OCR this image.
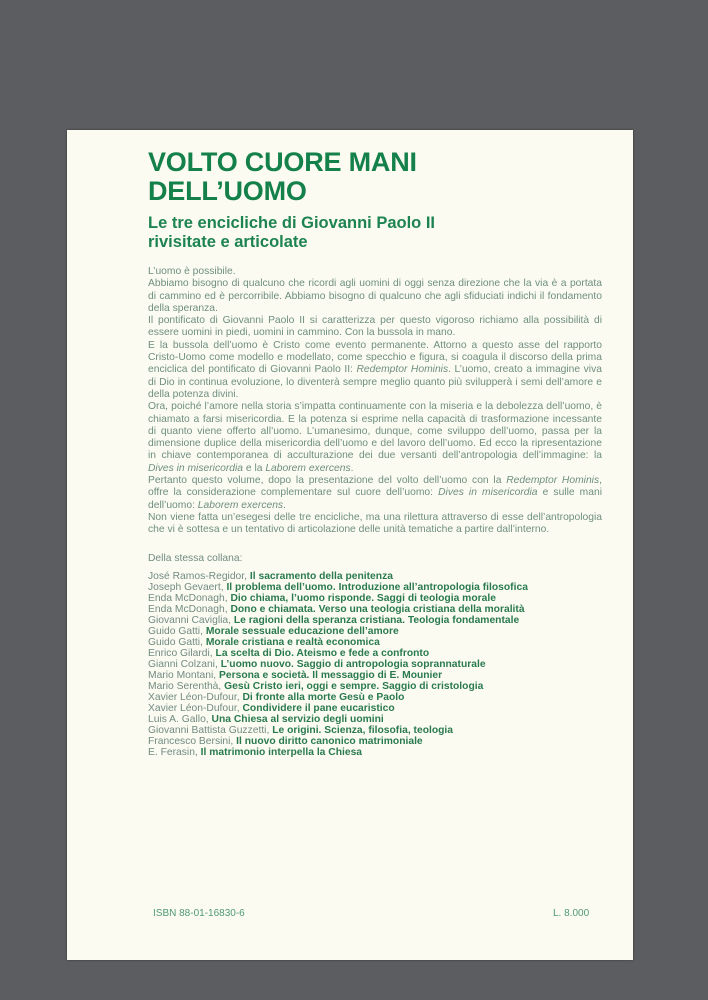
VOLTO CUORE MANI
DELL’UOMO
Le tre encicliche di Giovanni Paolo II
rivisitate e articolate

L’uomo è possibile.

Abbiamo bisogno di qualcuno che ricordi agli uomini di oggi senza direzione che la via è a portata di cammino ed è percorribile. Abbiamo bisogno di qualcuno che agli sfiduciati indichi il fondamento della speranza.

Il pontificato di Giovanni Paolo II si caratterizza per questo vigoroso richiamo alla possibilità di essere uomini in piedi, uomini in cammino. Con la bussola in mano.

E la bussola dell’uomo è Cristo come evento permanente. Attorno a questo asse del rapporto Cristo-Uomo come modello e modellato, come specchio e figura, si coagula il discorso della prima enciclica del pontificato di Giovanni Paolo II: Redemptor Hominis. L’uomo, creato a immagine viva di Dio in continua evoluzione, lo diventerà sempre meglio quanto più svilupperà i semi dell’amore e della potenza divini.

Ora, poiché l’amore nella storia s’impatta continuamente con la miseria e la debolezza dell’uomo, è chiamato a farsi misericordia. E la potenza si esprime nella capacità di trasformazione incessante di quanto viene offerto all’uomo. L’umanesimo, dunque, come sviluppo dell’uomo, passa per la dimensione duplice della misericordia dell’uomo e del lavoro dell’uomo. Ed ecco la ripresentazione in chiave contemporanea di acculturazione dei due versanti dell’antropologia dell’immagine: la Dives in misericordia e la Laborem exercens.

Pertanto questo volume, dopo la presentazione del volto dell’uomo con la Redemptor Hominis, offre la considerazione complementare sul cuore dell’uomo: Dives in misericordia e sulle mani dell’uomo: Laborem exercens.

Non viene fatta un’esegesi delle tre encicliche, ma una rilettura attraverso di esse dell’antropologia che vi è sottesa e un tentativo di articolazione delle unità tematiche a partire dall’interno.

Della stessa collana:

José Ramos-Regidor, Il sacramento della penitenza
Joseph Gevaert, Il problema dell’uomo. Introduzione all’antropologia filosofica
Enda McDonagh, Dio chiama, l’uomo risponde. Saggi di teologia morale
Enda McDonagh, Dono e chiamata. Verso una teologia cristiana della moralità
Giovanni Caviglia, Le ragioni della speranza cristiana. Teologia fondamentale
Guido Gatti, Morale sessuale educazione dell’amore
Guido Gatti, Morale cristiana e realtà economica
Enrico Gilardi, La scelta di Dio. Ateismo e fede a confronto
Gianni Colzani, L’uomo nuovo. Saggio di antropologia soprannaturale
Mario Montani, Persona e società. Il messaggio di E. Mounier
Mario Serenthà, Gesù Cristo ieri, oggi e sempre. Saggio di cristologia
Xavier Léon-Dufour, Di fronte alla morte Gesù e Paolo
Xavier Léon-Dufour, Condividere il pane eucaristico
Luis A. Gallo, Una Chiesa al servizio degli uomini
Giovanni Battista Guzzetti, Le origini. Scienza, filosofia, teologia
Francesco Bersini, Il nuovo diritto canonico matrimoniale
E. Ferasin, Il matrimonio interpella la Chiesa
ISBN 88-01-16830-6	L. 8.000
